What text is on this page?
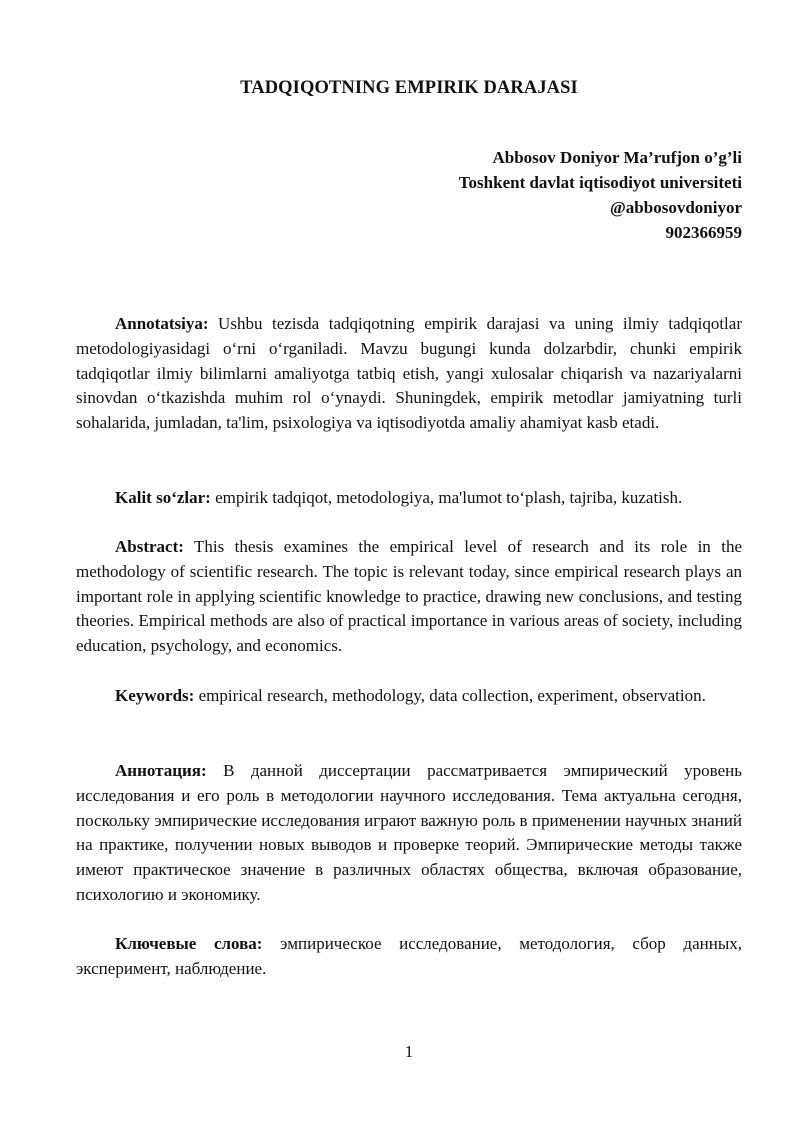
TADQIQOTNING EMPIRIK DARAJASI
Abbosov Doniyor Ma’rufjon o’g’li
Toshkent davlat iqtisodiyot universiteti
@abbosovdoniyor
902366959

Annotatsiya: Ushbu tezisda tadqiqotning empirik darajasi va uning ilmiy tadqiqotlar metodologiyasidagi o‘rni o‘rganiladi. Mavzu bugungi kunda dolzarbdir, chunki empirik tadqiqotlar ilmiy bilimlarni amaliyotga tatbiq etish, yangi xulosalar chiqarish va nazariyalarni sinovdan o‘tkazishda muhim rol o‘ynaydi. Shuningdek, empirik metodlar jamiyatning turli sohalarida, jumladan, ta'lim, psixologiya va iqtisodiyotda amaliy ahamiyat kasb etadi.

Kalit so‘zlar: empirik tadqiqot, metodologiya, ma'lumot to‘plash, tajriba, kuzatish.

Abstract: This thesis examines the empirical level of research and its role in the methodology of scientific research. The topic is relevant today, since empirical research plays an important role in applying scientific knowledge to practice, drawing new conclusions, and testing theories. Empirical methods are also of practical importance in various areas of society, including education, psychology, and economics.

Keywords: empirical research, methodology, data collection, experiment, observation.

Аннотация: В данной диссертации рассматривается эмпирический уровень исследования и его роль в методологии научного исследования. Тема актуальна сегодня, поскольку эмпирические исследования играют важную роль в применении научных знаний на практике, получении новых выводов и проверке теорий. Эмпирические методы также имеют практическое значение в различных областях общества, включая образование, психологию и экономику.

Ключевые слова: эмпирическое исследование, методология, сбор данных, эксперимент, наблюдение.

1
